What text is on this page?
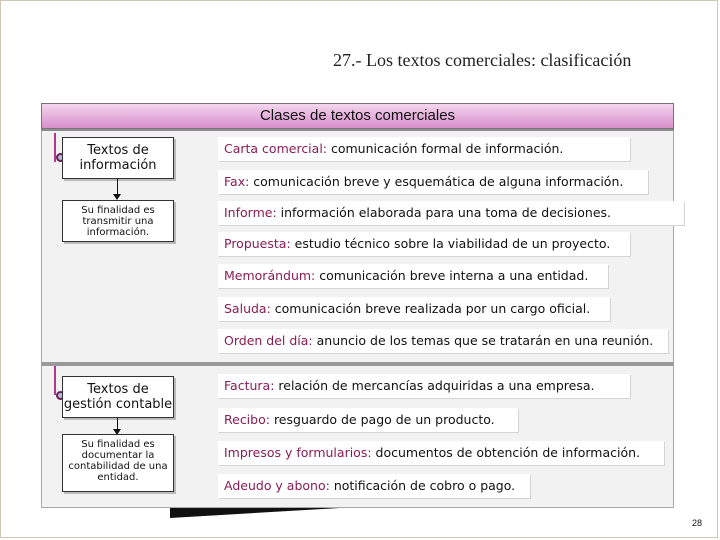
27.- Los textos comerciales: clasificación
Clases de textos comerciales
Textos de información
Su finalidad es transmitir una información.
Textos de gestión contable
Su finalidad es documentar la contabilidad de una entidad.
Carta comercial: comunicación formal de información.
Fax: comunicación breve y esquemática de alguna información.
Informe: información elaborada para una toma de decisiones.
Propuesta: estudio técnico sobre la viabilidad de un proyecto.
Memorándum: comunicación breve interna a una entidad.
Saluda: comunicación breve realizada por un cargo oficial.
Orden del día: anuncio de los temas que se tratarán en una reunión.
Factura: relación de mercancías adquiridas a una empresa.
Recibo: resguardo de pago de un producto.
Impresos y formularios: documentos de obtención de información.
Adeudo y abono: notificación de cobro o pago.
28
